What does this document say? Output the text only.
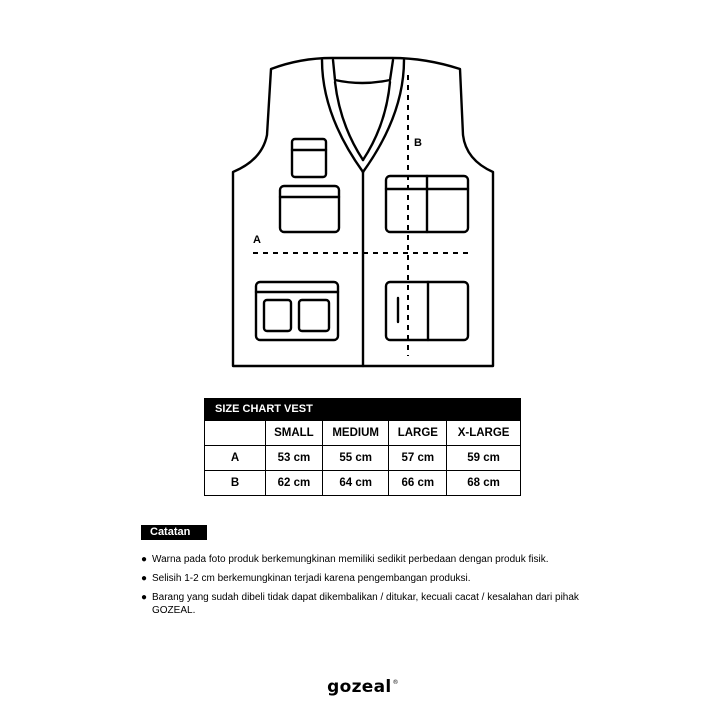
A
B
SIZE CHART VEST
	SMALL	MEDIUM	LARGE	X-LARGE
A	53 cm	55 cm	57 cm	59 cm
B	62 cm	64 cm	66 cm	68 cm
Catatan
● Warna pada foto produk berkemungkinan memiliki sedikit perbedaan dengan produk fisik.
● Selisih 1-2 cm berkemungkinan terjadi karena pengembangan produksi.
● Barang yang sudah dibeli tidak dapat dikembalikan / ditukar, kecuali cacat / kesalahan dari pihak GOZEAL.
gozeal®
